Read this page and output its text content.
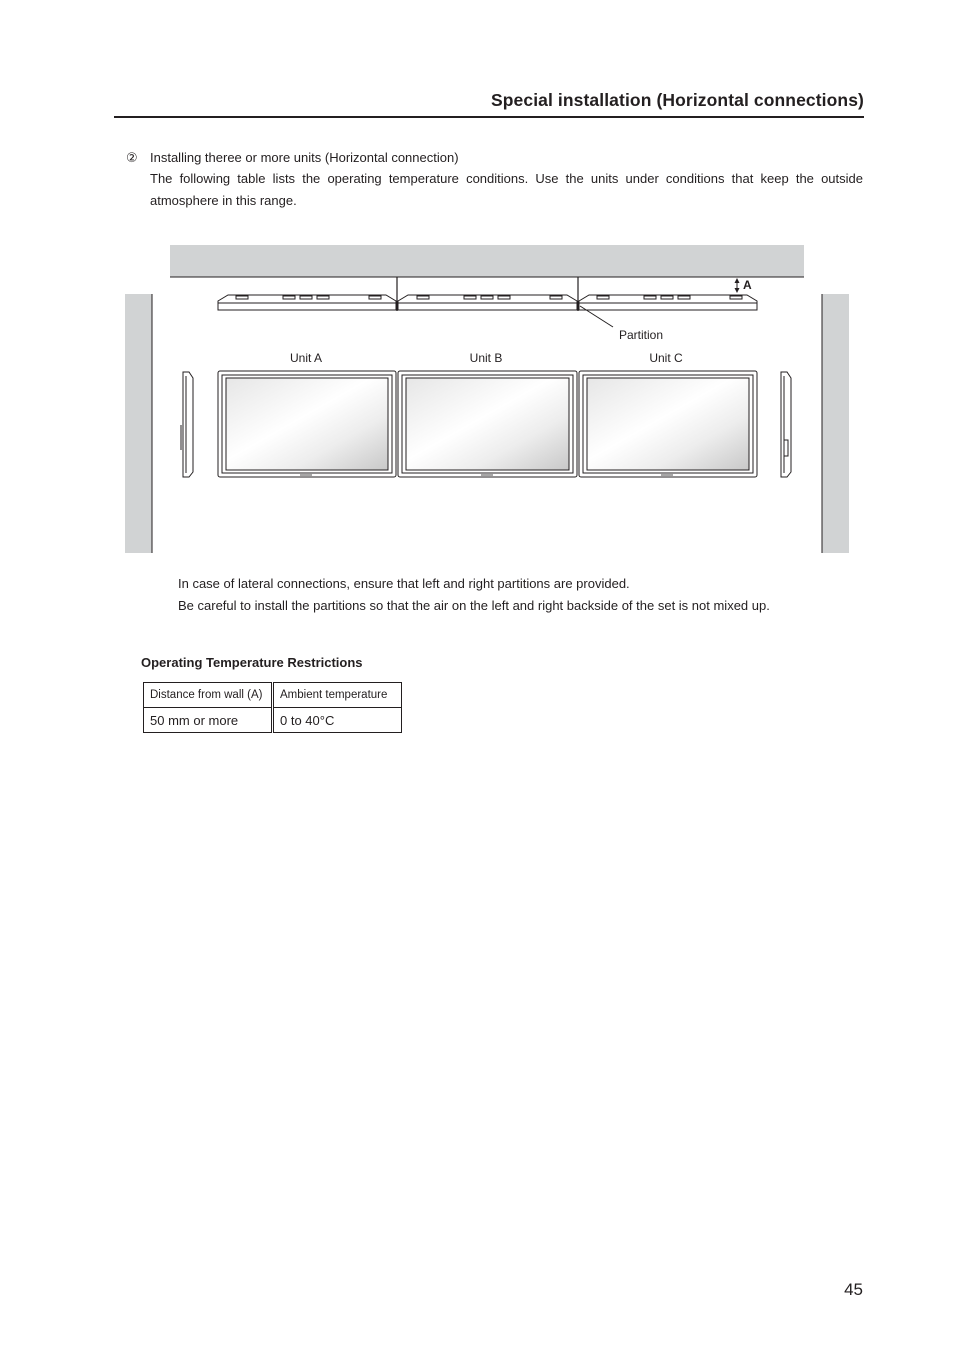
Special installation (Horizontal connections)
② Installing theree or more units (Horizontal connection)
The following table lists the operating temperature conditions. Use the units under conditions that keep the outside atmosphere in this range.
A
Partition
Unit A	Unit B	Unit C

In case of lateral connections, ensure that left and right partitions are provided.

Be careful to install the partitions so that the air on the left and right backside of the set is not mixed up.

Operating Temperature Restrictions
Distance from wall (A)	Ambient temperature
50 mm or more	0 to 40°C
45
